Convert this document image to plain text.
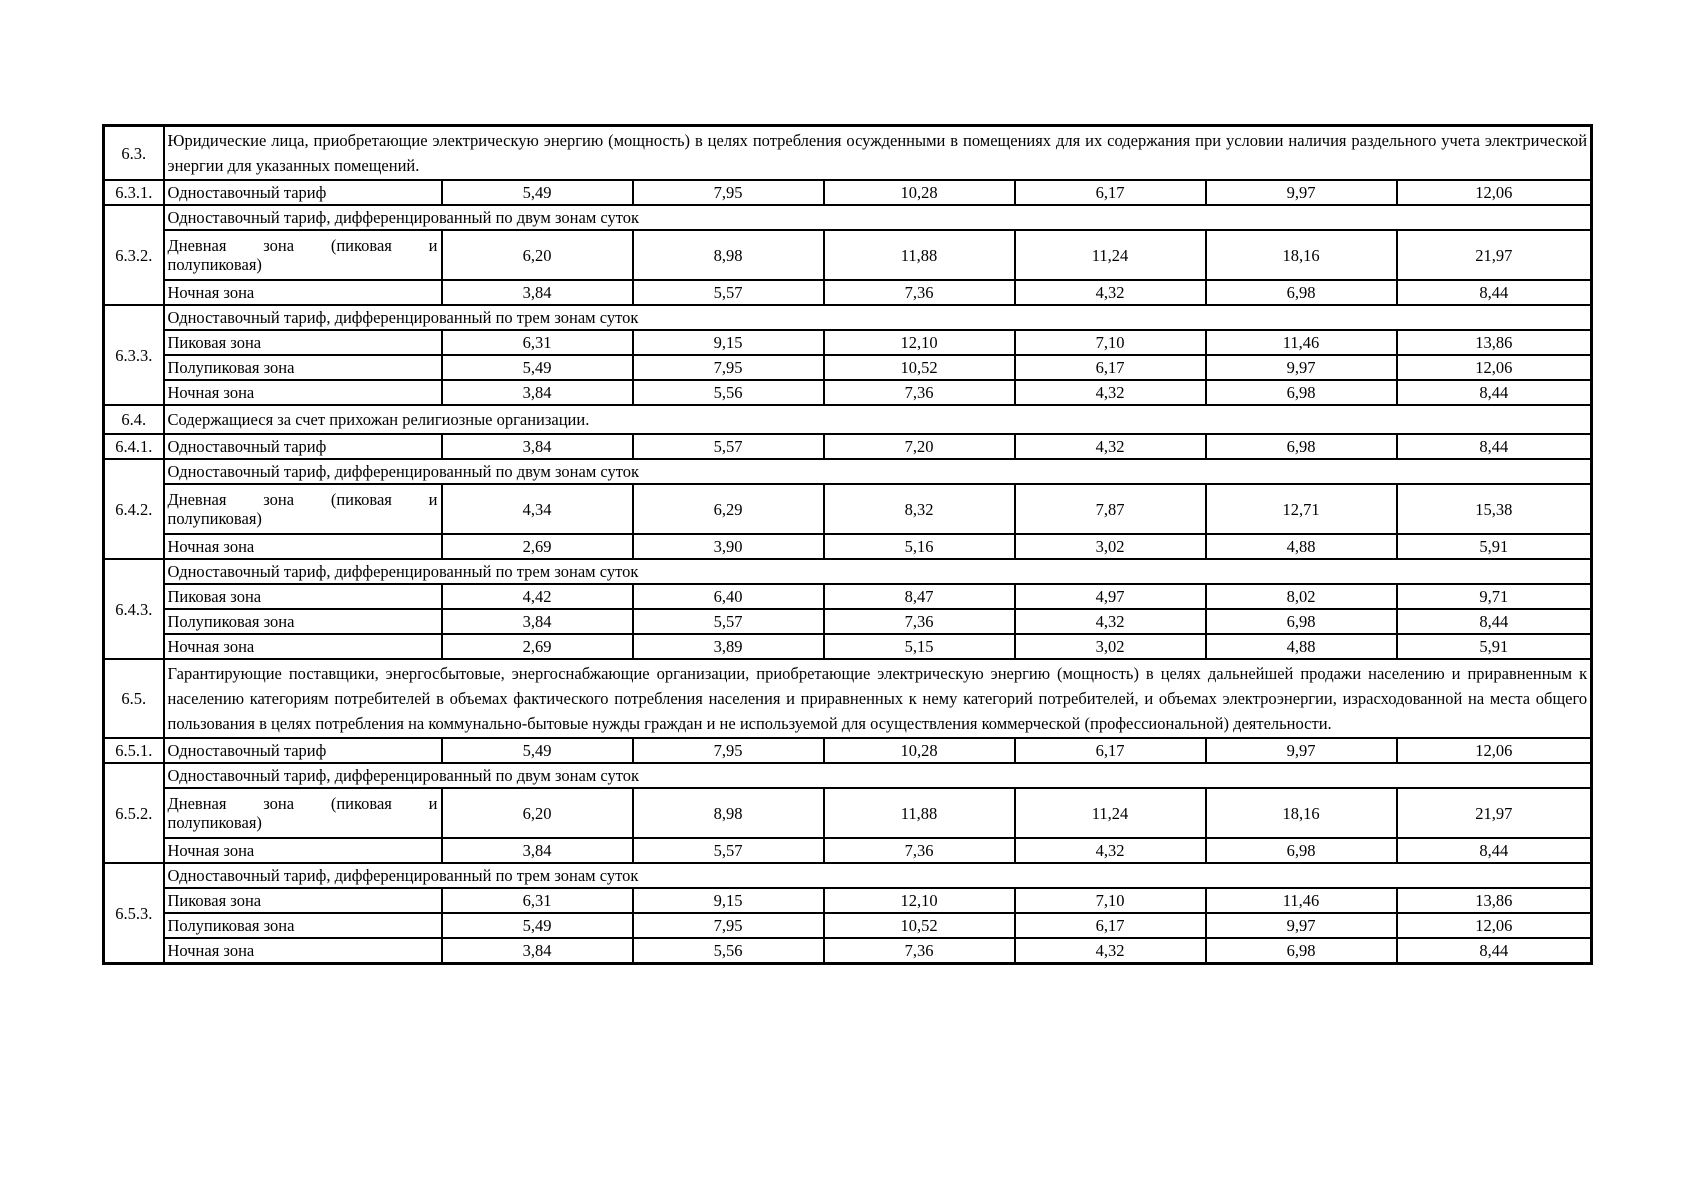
6.3.	Юридические лица, приобретающие электрическую энергию (мощность) в целях потребления осужденными в помещениях для их содержания при условии наличия раздельного учета электрической энергии для указанных помещений.						
6.3.1.	Одноставочный тариф	5,49	7,95	10,28	6,17	9,97	12,06
6.3.2.	Одноставочный тариф, дифференцированный по двум зонам суток						

	Дневная зона (пиковая и
полупиковая)	6,20	8,98	11,88	11,24	18,16	21,97
	Ночная зона	3,84	5,57	7,36	4,32	6,98	8,44
6.3.3.	Одноставочный тариф, дифференцированный по трем зонам суток						
	Пиковая зона	6,31	9,15	12,10	7,10	11,46	13,86
	Полупиковая зона	5,49	7,95	10,52	6,17	9,97	12,06
	Ночная зона	3,84	5,56	7,36	4,32	6,98	8,44
6.4.	Содержащиеся за счет прихожан религиозные организации.						
6.4.1.	Одноставочный тариф	3,84	5,57	7,20	4,32	6,98	8,44
6.4.2.	Одноставочный тариф, дифференцированный по двум зонам суток						

	Дневная зона (пиковая и
полупиковая)	4,34	6,29	8,32	7,87	12,71	15,38
	Ночная зона	2,69	3,90	5,16	3,02	4,88	5,91
6.4.3.	Одноставочный тариф, дифференцированный по трем зонам суток						
	Пиковая зона	4,42	6,40	8,47	4,97	8,02	9,71
	Полупиковая зона	3,84	5,57	7,36	4,32	6,98	8,44
	Ночная зона	2,69	3,89	5,15	3,02	4,88	5,91
6.5.	Гарантирующие поставщики, энергосбытовые, энергоснабжающие организации, приобретающие электрическую энергию (мощность) в целях дальнейшей продажи населению и приравненным к населению категориям потребителей в объемах фактического потребления населения и приравненных к нему категорий потребителей, и объемах электроэнергии, израсходованной на места общего пользования в целях потребления на коммунально-бытовые нужды граждан и не используемой для осуществления коммерческой (профессиональной) деятельности.						
6.5.1.	Одноставочный тариф	5,49	7,95	10,28	6,17	9,97	12,06
6.5.2.	Одноставочный тариф, дифференцированный по двум зонам суток						

	Дневная зона (пиковая и
полупиковая)	6,20	8,98	11,88	11,24	18,16	21,97
	Ночная зона	3,84	5,57	7,36	4,32	6,98	8,44
6.5.3.	Одноставочный тариф, дифференцированный по трем зонам суток						
	Пиковая зона	6,31	9,15	12,10	7,10	11,46	13,86
	Полупиковая зона	5,49	7,95	10,52	6,17	9,97	12,06
	Ночная зона	3,84	5,56	7,36	4,32	6,98	8,44
